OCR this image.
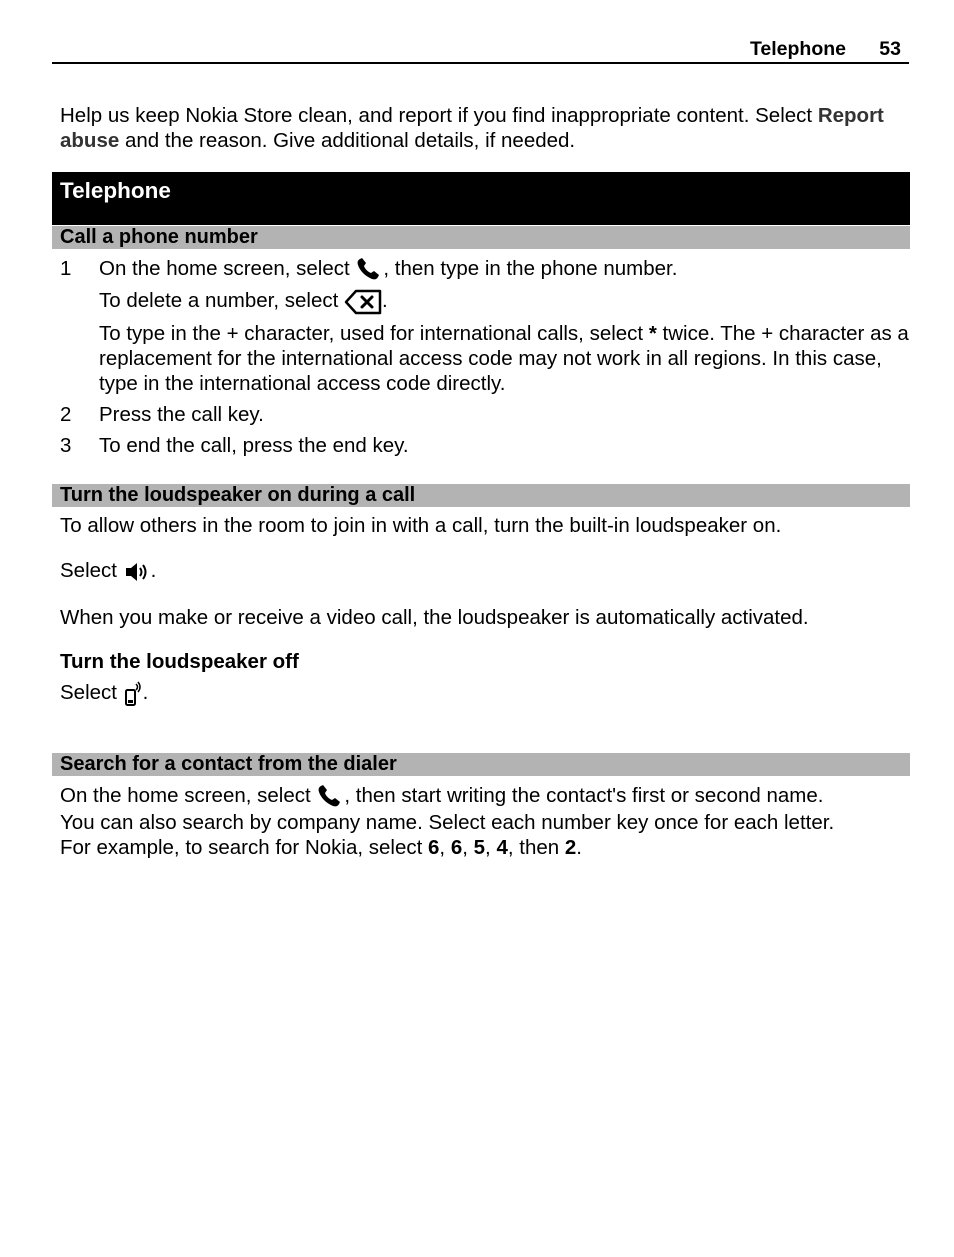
Telephone 53
Help us keep Nokia Store clean, and report if you find inappropriate content. Select Report abuse and the reason. Give additional details, if needed.
Telephone
Call a phone number
1 On the home screen, select
, then type in the phone number.
To delete a number, select
.
To type in the + character, used for international calls, select * twice. The + character as a replacement for the international access code may not work in all regions. In this case, type in the international access code directly.
2 Press the call key.
3 To end the call, press the end key.
Turn the loudspeaker on during a call
To allow others in the room to join in with a call, turn the built-in loudspeaker on.
Select
.
When you make or receive a video call, the loudspeaker is automatically activated.
Turn the loudspeaker off
Select
.
Search for a contact from the dialer
On the home screen, select
, then start writing the contact's first or second name.
You can also search by company name. Select each number key once for each letter.
For example, to search for Nokia, select 6, 6, 5, 4, then 2.
